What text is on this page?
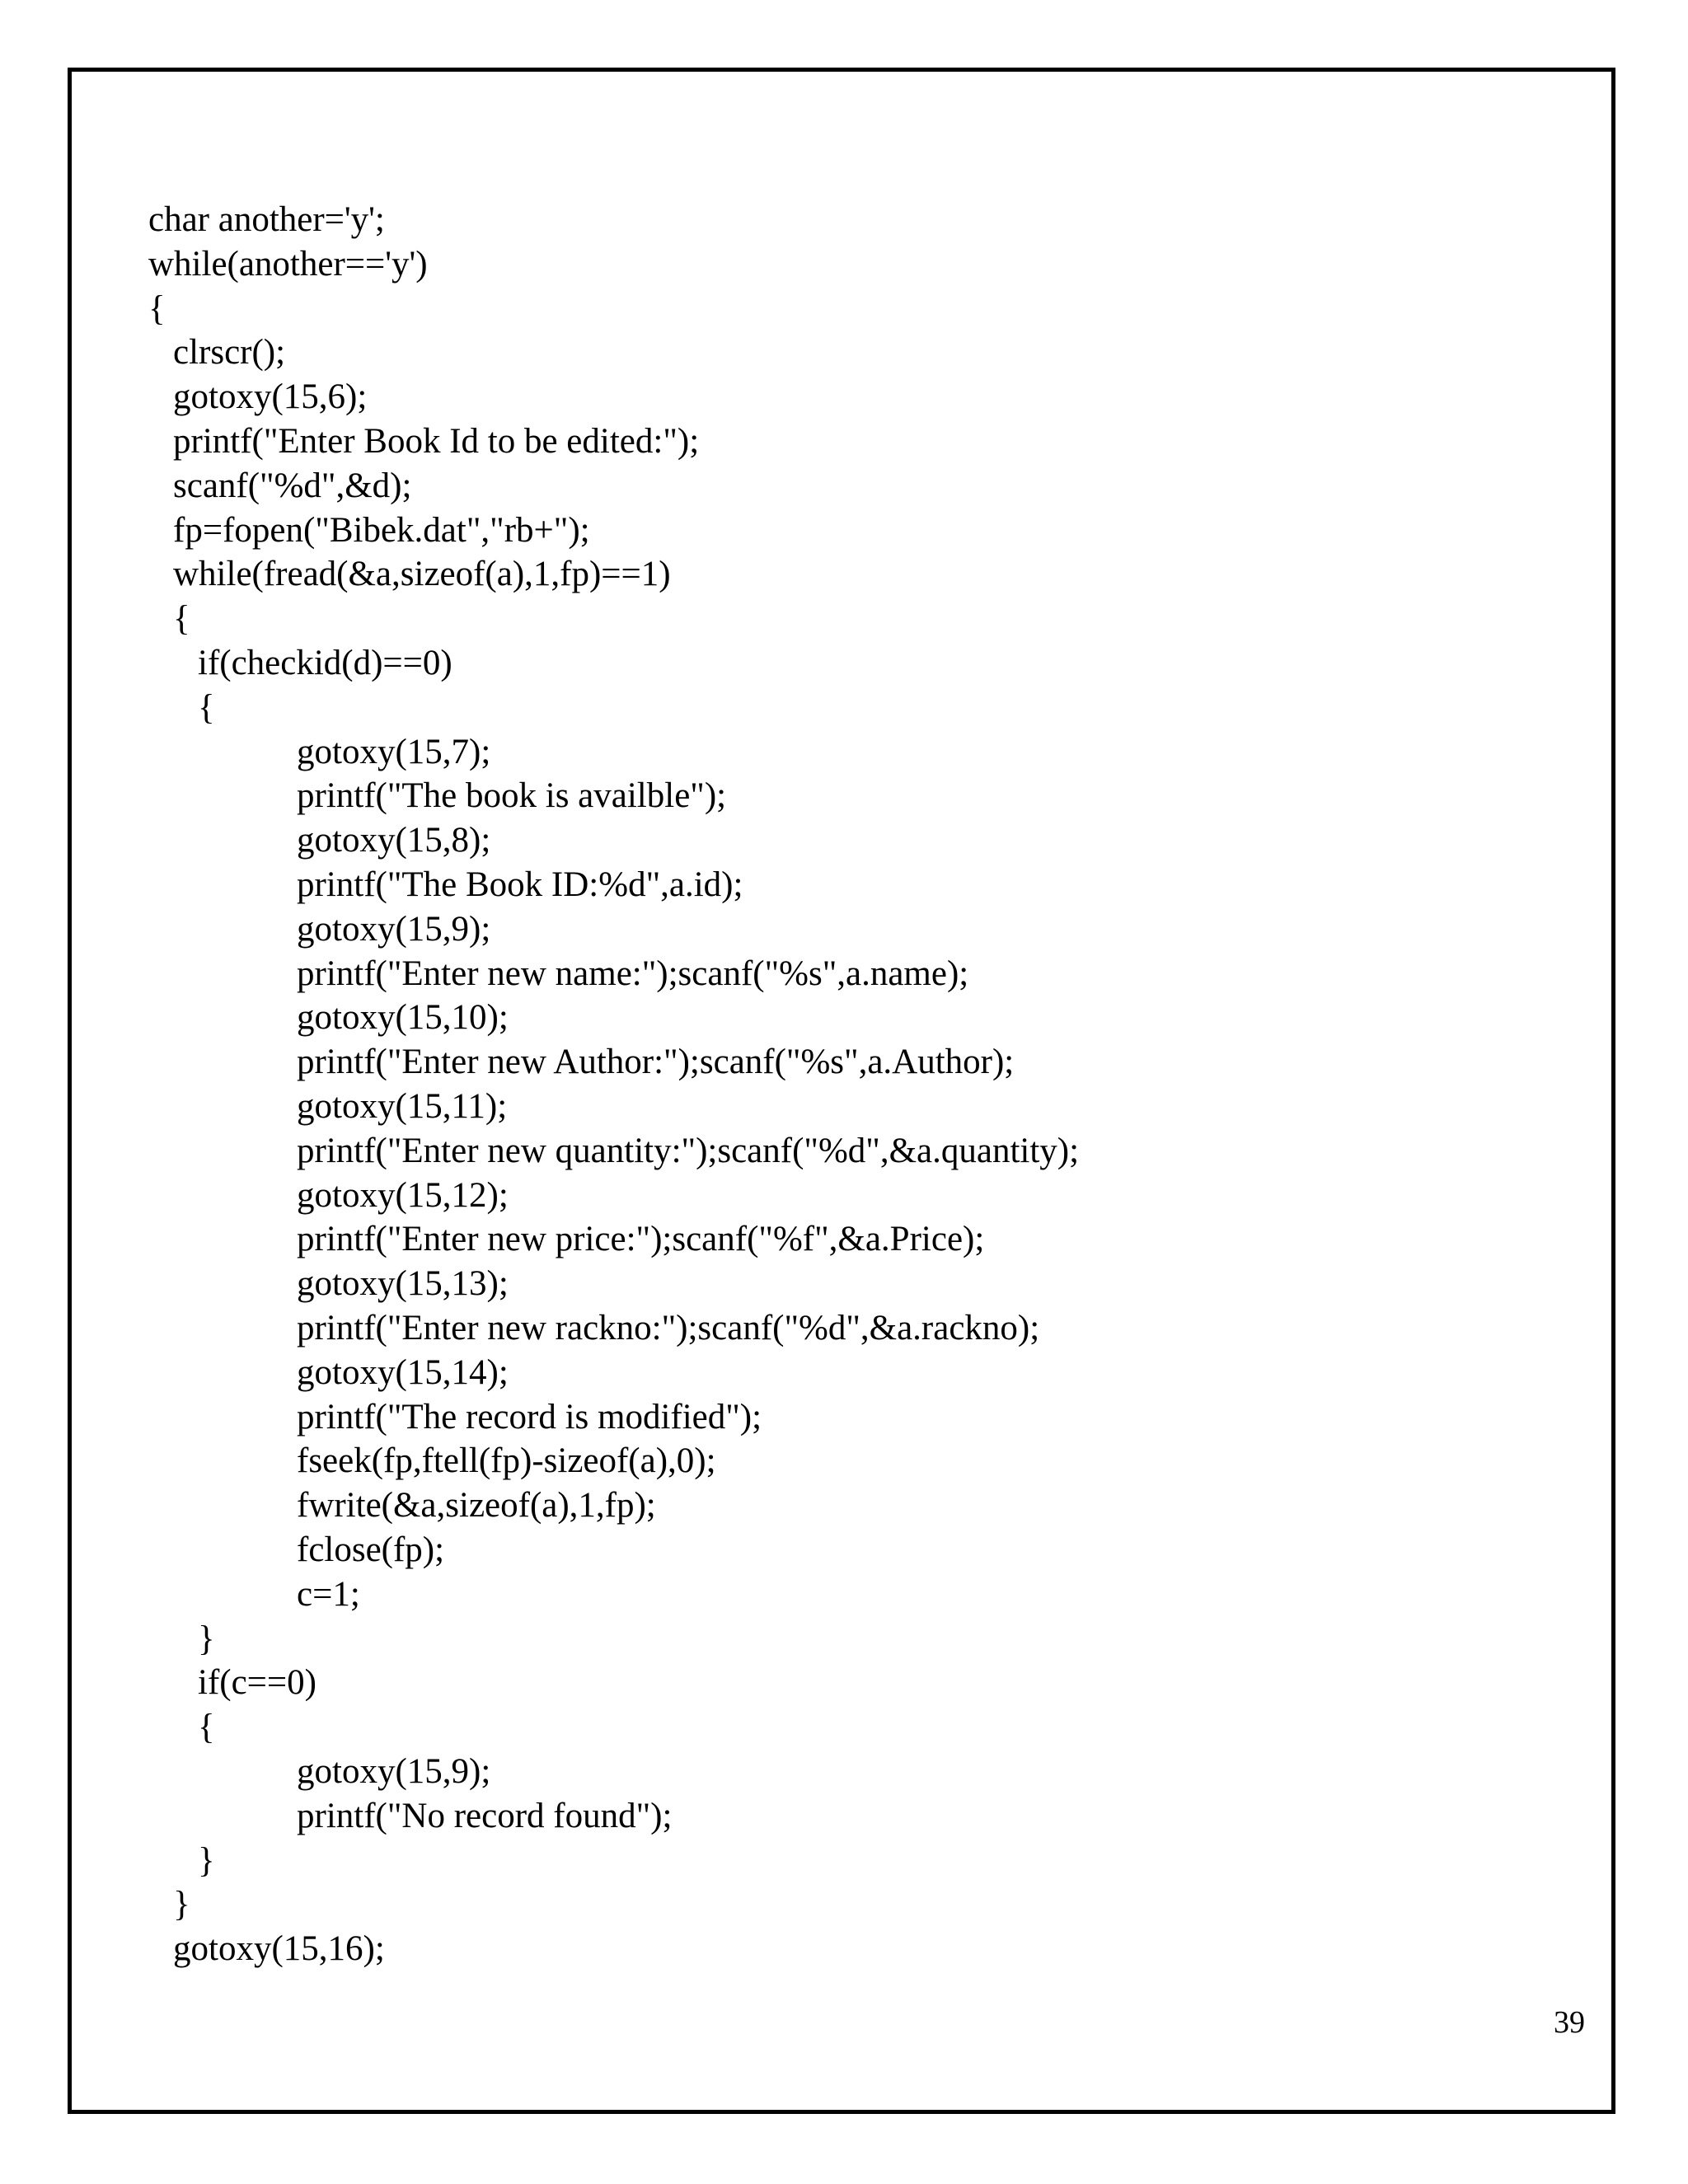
char another='y';
while(another=='y')
{
clrscr();
gotoxy(15,6);
printf("Enter Book Id to be edited:");
scanf("%d",&d);
fp=fopen("Bibek.dat","rb+");
while(fread(&a,sizeof(a),1,fp)==1)
{
if(checkid(d)==0)
{
gotoxy(15,7);
printf("The book is availble");
gotoxy(15,8);
printf("The Book ID:%d",a.id);
gotoxy(15,9);
printf("Enter new name:");scanf("%s",a.name);
gotoxy(15,10);
printf("Enter new Author:");scanf("%s",a.Author);
gotoxy(15,11);
printf("Enter new quantity:");scanf("%d",&a.quantity);
gotoxy(15,12);
printf("Enter new price:");scanf("%f",&a.Price);
gotoxy(15,13);
printf("Enter new rackno:");scanf("%d",&a.rackno);
gotoxy(15,14);
printf("The record is modified");
fseek(fp,ftell(fp)-sizeof(a),0);
fwrite(&a,sizeof(a),1,fp);
fclose(fp);
c=1;
}
if(c==0)
{
gotoxy(15,9);
printf("No record found");
}
}
gotoxy(15,16);
39
